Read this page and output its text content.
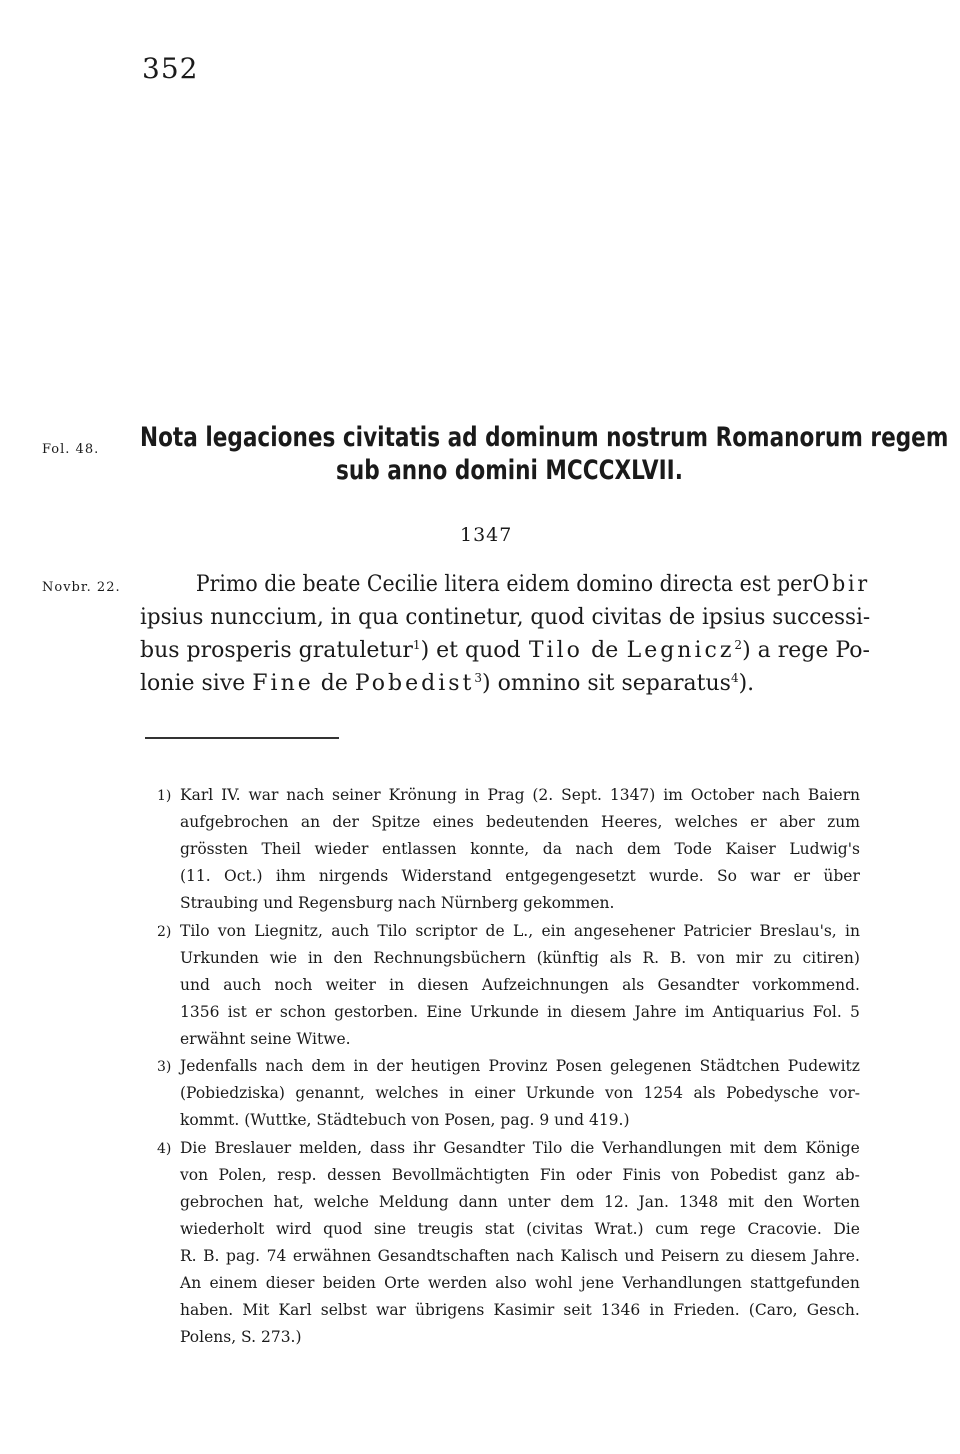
352
Fol. 48.
Novbr. 22.
Nota legaciones civitatis ad dominum nostrum Romanorum regem
sub anno domini MCCCXLVII.
1347
Primo die beate Cecilie litera eidem domino directa est per Obir
ipsius nunccium, in qua continetur, quod civitas de ipsius successi-
bus prosperis gratuletur$^1$) et quod Tilo de Legnicz$^2$) a rege Po-
lonie sive
Fine
de
Pobedist$^3$) omnino sit separatus$^4$).
1) Karl IV. war nach seiner Krönung in Prag (2. Sept. 1347) im October nach Baiern
aufgebrochen an der Spitze eines bedeutenden Heeres, welches er aber zum
grössten Theil wieder entlassen konnte, da nach dem Tode Kaiser Ludwig's
(11. Oct.) ihm nirgends Widerstand entgegengesetzt wurde. So war er über
Straubing und Regensburg nach Nürnberg gekommen.
2) Tilo von Liegnitz, auch Tilo scriptor de L., ein angesehener Patricier Breslau's, in
Urkunden wie in den Rechnungsbüchern (künftig als R. B. von mir zu citiren)
und auch noch weiter in diesen Aufzeichnungen als Gesandter vorkommend.
1356 ist er schon gestorben. Eine Urkunde in diesem Jahre im Antiquarius Fol. 5
erwähnt seine Witwe.
3) Jedenfalls nach dem in der heutigen Provinz Posen gelegenen Städtchen Pudewitz
(Pobiedziska) genannt, welches in einer Urkunde von 1254 als Pobedysche vor-
kommt. (Wuttke, Städtebuch von Posen, pag. 9 und 419.)
4) Die Breslauer melden, dass ihr Gesandter Tilo die Verhandlungen mit dem Könige
von Polen, resp. dessen Bevollmächtigten Fin oder Finis von Pobedist ganz ab-
gebrochen hat, welche Meldung dann unter dem 12. Jan. 1348 mit den Worten
wiederholt wird quod sine treugis stat (civitas Wrat.) cum rege Cracovie. Die
R. B. pag. 74 erwähnen Gesandtschaften nach Kalisch und Peisern zu diesem Jahre.
An einem dieser beiden Orte werden also wohl jene Verhandlungen stattgefunden
haben. Mit Karl selbst war übrigens Kasimir seit 1346 in Frieden. (Caro, Gesch.
Polens, S. 273.)
